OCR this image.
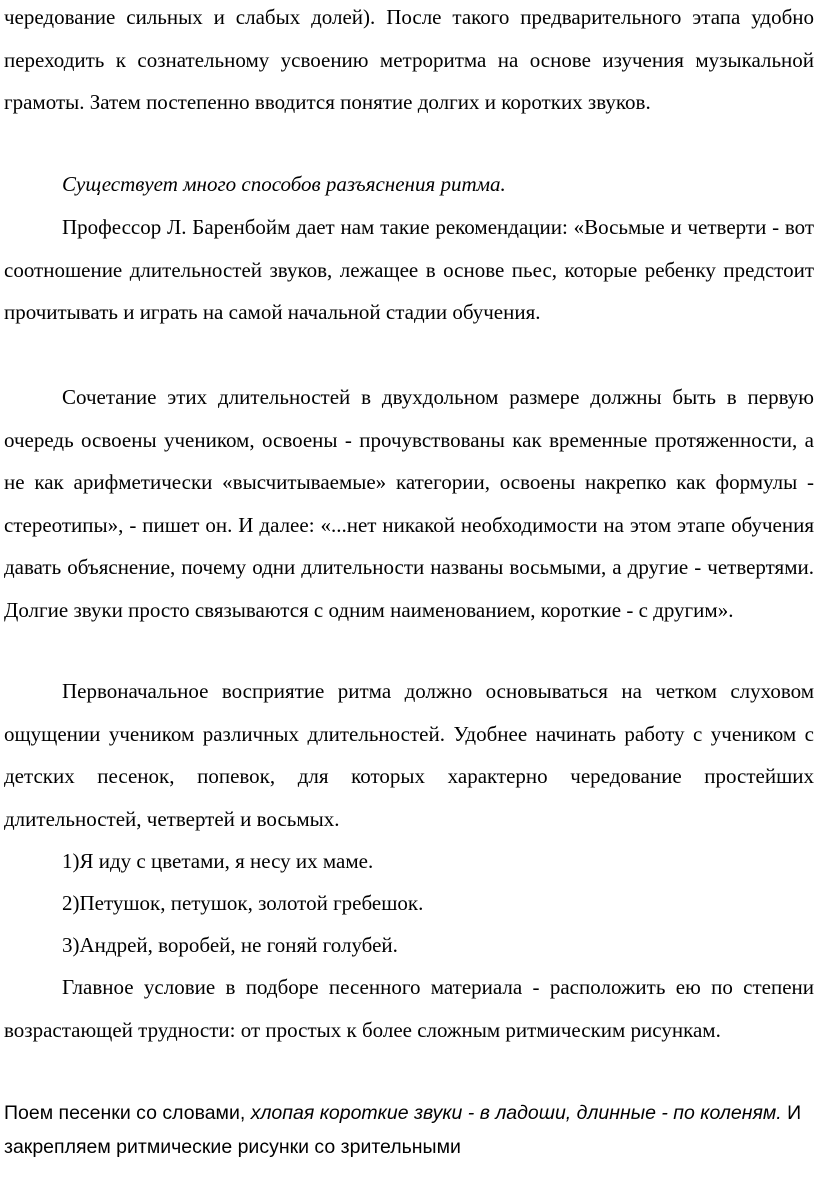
чередование сильных и слабых долей). После такого предварительного этапа удобно переходить к сознательному усвоению метроритма на основе изучения музыкальной грамоты. Затем постепенно вводится понятие долгих и коротких звуков.

Существует много способов разъяснения ритма.

Профессор Л. Баренбойм дает нам такие рекомендации: «Восьмые и четверти - вот соотношение длительностей звуков, лежащее в основе пьес, которые ребенку предстоит прочитывать и играть на самой начальной стадии обучения.

Сочетание этих длительностей в двухдольном размере должны быть в первую очередь освоены учеником, освоены - прочувствованы как временные протяженности, а не как арифметически «высчитываемые» категории, освоены накрепко как формулы - стереотипы», - пишет он. И далее: «...нет никакой необходимости на этом этапе обучения давать объяснение, почему одни длительности названы восьмыми, а другие - четвертями. Долгие звуки просто связываются с одним наименованием, короткие - с другим».

Первоначальное восприятие ритма должно основываться на четком слуховом ощущении учеником различных длительностей. Удобнее начинать работу с учеником с детских песенок, попевок, для которых характерно чередование простейших длительностей, четвертей и восьмых.

1)Я иду с цветами, я несу их маме.

2)Петушок, петушок, золотой гребешок.

3)Андрей, воробей, не гоняй голубей.

Главное условие в подборе песенного материала - расположить ею по степени возрастающей трудности: от простых к более сложным ритмическим рисункам.

Поем песенки со словами, хлопая короткие звуки - в ладоши, длинные - по коленям. И закрепляем ритмические рисунки со зрительными
